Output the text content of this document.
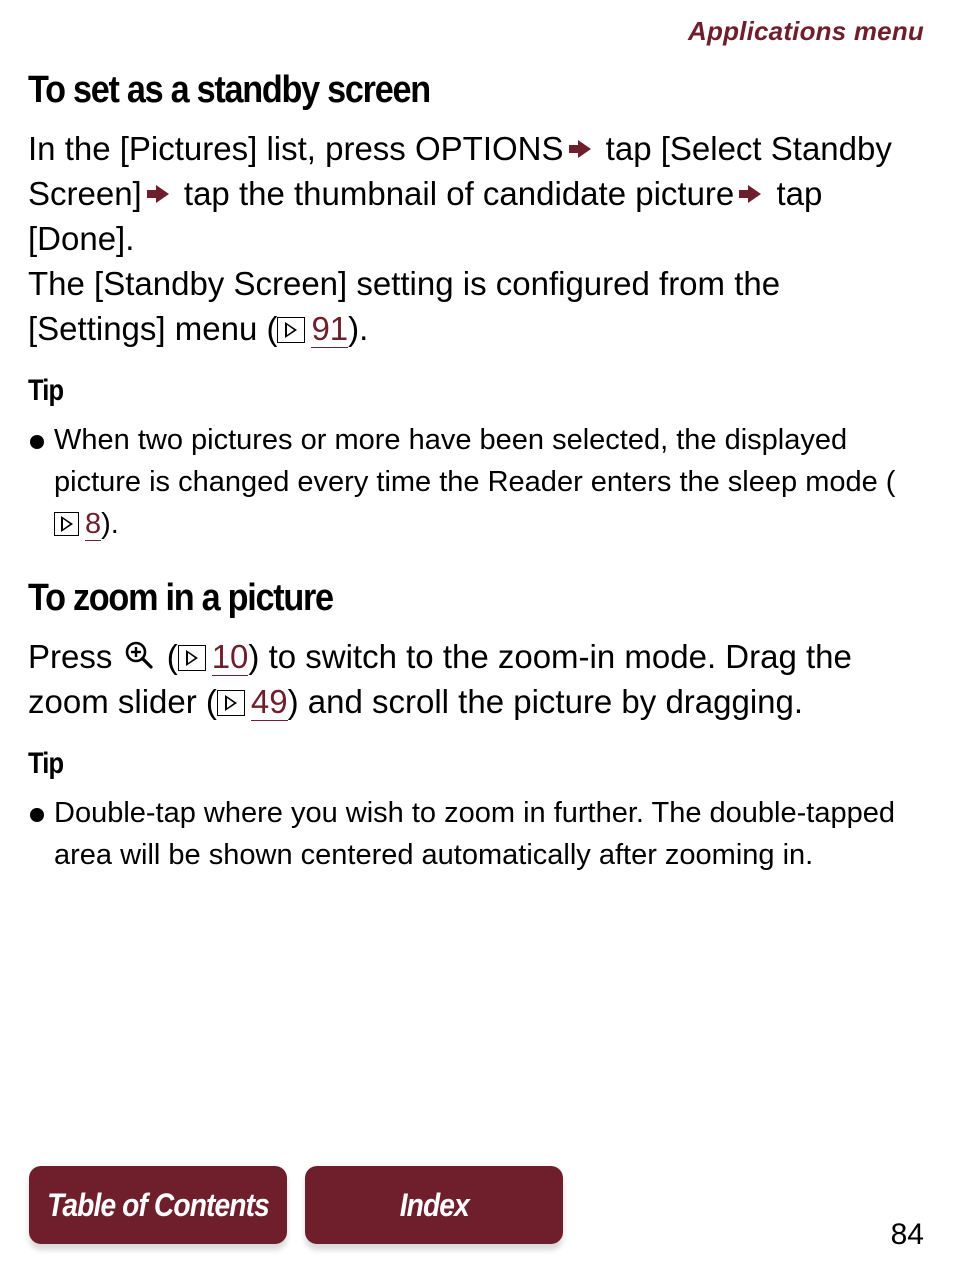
Applications menu
To set as a standby screen

In the [Pictures] list, press OPTIONS tap [Select Standby Screen] tap the thumbnail of candidate picture tap [Done].

The [Standby Screen] setting is configured from the [Settings] menu ( 91).

Tip
When two pictures or more have been selected, the displayed picture is changed every time the Reader enters the sleep mode (8).
To zoom in a picture

Press  ( 10) to switch to the zoom-in mode. Drag the zoom slider ( 49) and scroll the picture by dragging.

Tip
Double-tap where you wish to zoom in further. The double-tapped area will be shown centered automatically after zooming in.
Table of Contents	Index
84
